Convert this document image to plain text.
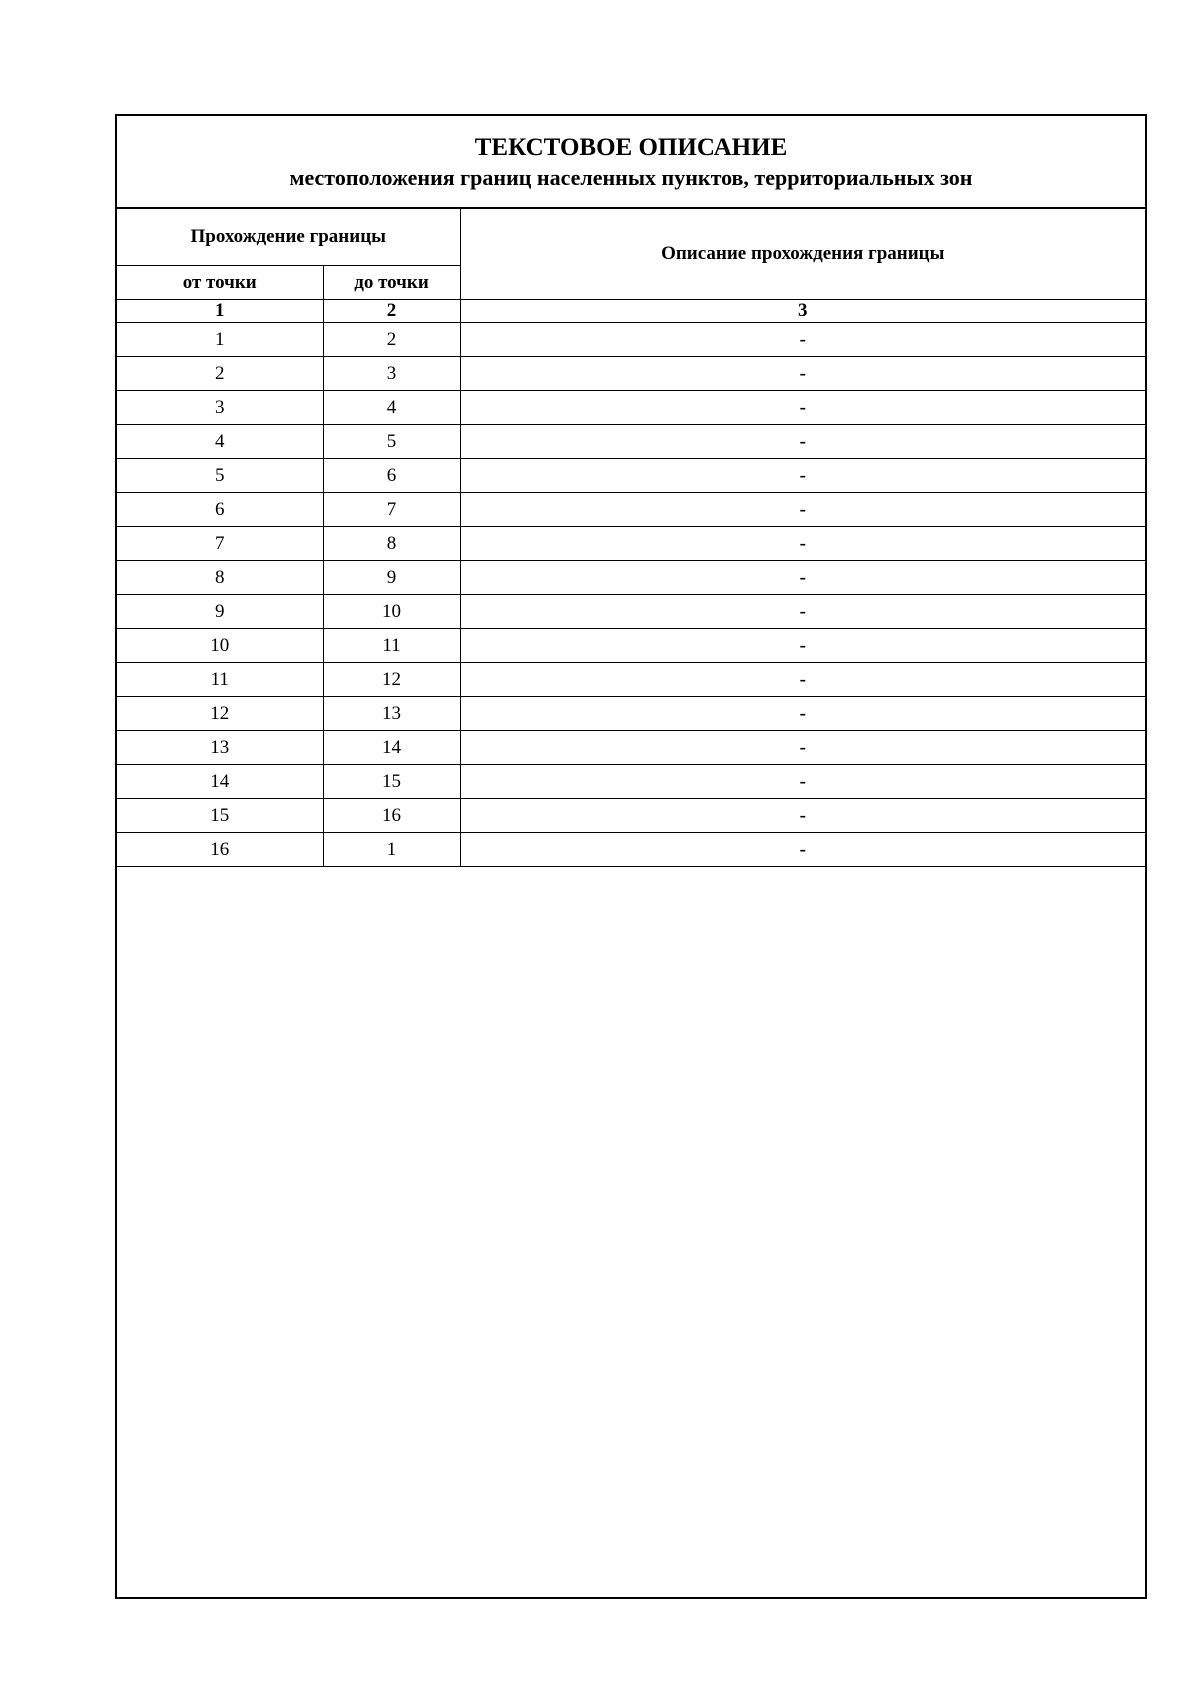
ТЕКСТОВОЕ ОПИСАНИЕ
местоположения границ населенных пунктов, территориальных зон
Прохождение границы		Описание прохождения границы
от точки	до точки	
1	2	3
1	2	-
2	3	-
3	4	-
4	5	-
5	6	-
6	7	-
7	8	-
8	9	-
9	10	-
10	11	-
11	12	-
12	13	-
13	14	-
14	15	-
15	16	-
16	1	-
